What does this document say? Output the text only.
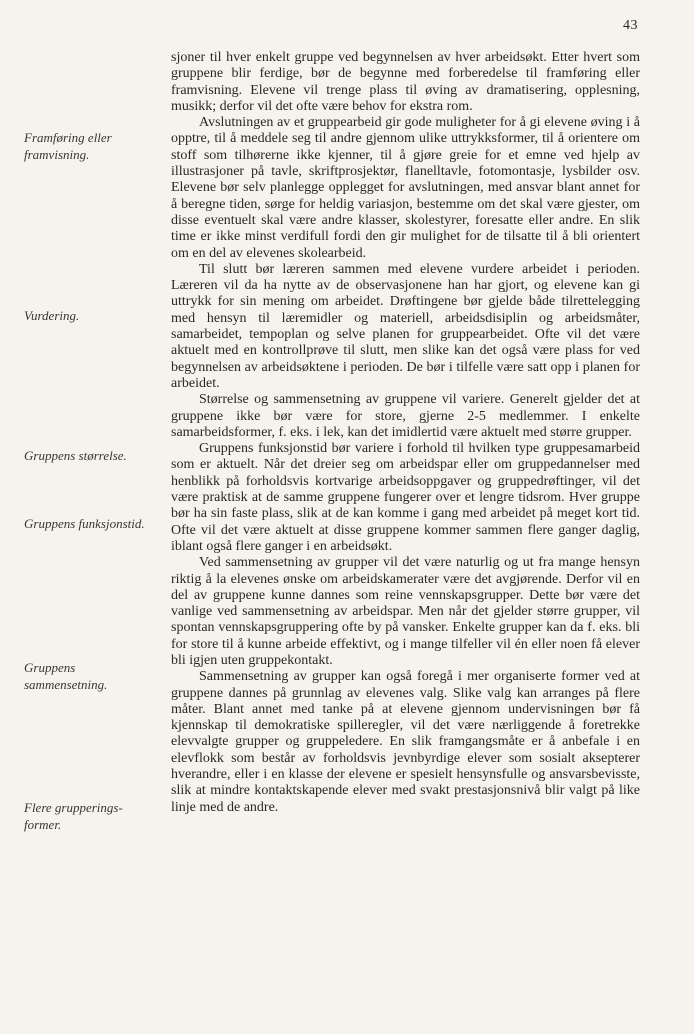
43
Framføring eller
framvisning.
Vurdering.
Gruppens størrelse.
Gruppens funksjonstid.
Gruppens
sammensetning.
Flere grupperings-
former.

sjoner til hver enkelt gruppe ved begynnelsen av hver arbeidsøkt. Etter hvert som gruppene blir ferdige, bør de begynne med forberedelse til framføring eller framvisning. Elevene vil trenge plass til øving av dramatisering, opplesning, musikk; derfor vil det ofte være behov for ekstra rom.

Avslutningen av et gruppearbeid gir gode muligheter for å gi elevene øving i å opptre, til å meddele seg til andre gjennom ulike uttrykksformer, til å orientere om stoff som tilhørerne ikke kjenner, til å gjøre greie for et emne ved hjelp av illustrasjoner på tavle, skriftprosjektør, flanelltavle, fotomontasje, lysbilder osv. Elevene bør selv planlegge opplegget for avslutningen, med ansvar blant annet for å beregne tiden, sørge for heldig variasjon, bestemme om det skal være gjester, om disse eventuelt skal være andre klasser, skolestyrer, foresatte eller andre. En slik time er ikke minst verdifull fordi den gir mulighet for de tilsatte til å bli orientert om en del av elevenes skolearbeid.

Til slutt bør læreren sammen med elevene vurdere arbeidet i perioden. Læreren vil da ha nytte av de observasjonene han har gjort, og elevene kan gi uttrykk for sin mening om arbeidet. Drøftingene bør gjelde både tilrettelegging med hensyn til læremidler og materiell, arbeidsdisiplin og arbeidsmåter, samarbeidet, tempoplan og selve planen for gruppearbeidet. Ofte vil det være aktuelt med en kontrollprøve til slutt, men slike kan det også være plass for ved begynnelsen av arbeidsøktene i perioden. De bør i tilfelle være satt opp i planen for arbeidet.

Størrelse og sammensetning av gruppene vil variere. Generelt gjelder det at gruppene ikke bør være for store, gjerne 2-5 medlemmer. I enkelte samarbeidsformer, f. eks. i lek, kan det imidlertid være aktuelt med større grupper.

Gruppens funksjonstid bør variere i forhold til hvilken type gruppesamarbeid som er aktuelt. Når det dreier seg om arbeidspar eller om gruppedannelser med henblikk på forholdsvis kortvarige arbeidsoppgaver og gruppedrøftinger, vil det være praktisk at de samme gruppene fungerer over et lengre tidsrom. Hver gruppe bør ha sin faste plass, slik at de kan komme i gang med arbeidet på meget kort tid. Ofte vil det være aktuelt at disse gruppene kommer sammen flere ganger daglig, iblant også flere ganger i en arbeidsøkt.

Ved sammensetning av grupper vil det være naturlig og ut fra mange hensyn riktig å la elevenes ønske om arbeidskamerater være det avgjørende. Derfor vil en del av gruppene kunne dannes som reine vennskapsgrupper. Dette bør være det vanlige ved sammensetning av arbeidspar. Men når det gjelder større grupper, vil spontan vennskapsgruppering ofte by på vansker. Enkelte grupper kan da f. eks. bli for store til å kunne arbeide effektivt, og i mange tilfeller vil én eller noen få elever bli igjen uten gruppekontakt.

Sammensetning av grupper kan også foregå i mer organiserte former ved at gruppene dannes på grunnlag av elevenes valg. Slike valg kan arranges på flere måter. Blant annet med tanke på at elevene gjennom undervisningen bør få kjennskap til demokratiske spilleregler, vil det være nærliggende å foretrekke elevvalgte grupper og gruppeledere. En slik framgangsmåte er å anbefale i en elevflokk som består av forholdsvis jevnbyrdige elever som sosialt aksepterer hverandre, eller i en klasse der elevene er spesielt hensynsfulle og ansvarsbevisste, slik at mindre kontaktskapende elever med svakt prestasjonsnivå blir valgt på like linje med de andre.
